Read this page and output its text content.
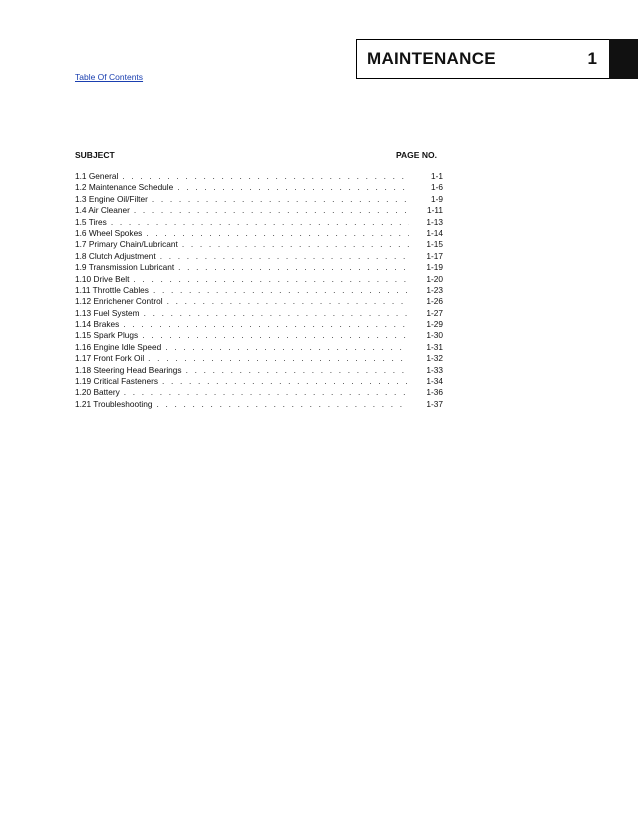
MAINTENANCE	1
Table Of Contents
SUBJECT	PAGE NO.
1.1 General . . .	1-1
1.2 Maintenance Schedule . . .	1-6
1.3 Engine Oil/Filter . . .	1-9
1.4 Air Cleaner . . .	1-11
1.5 Tires . . .	1-13
1.6 Wheel Spokes . . .	1-14
1.7 Primary Chain/Lubricant . . .	1-15
1.8 Clutch Adjustment . . .	1-17
1.9 Transmission Lubricant . . .	1-19
1.10 Drive Belt . . .	1-20
1.11 Throttle Cables . . .	1-23
1.12 Enrichener Control . . .	1-26
1.13 Fuel System . . .	1-27
1.14 Brakes . . .	1-29
1.15 Spark Plugs . . .	1-30
1.16 Engine Idle Speed . . .	1-31
1.17 Front Fork Oil . . .	1-32
1.18 Steering Head Bearings . . .	1-33
1.19 Critical Fasteners . . .	1-34
1.20 Battery . . .	1-36
1.21 Troubleshooting . . .	1-37
